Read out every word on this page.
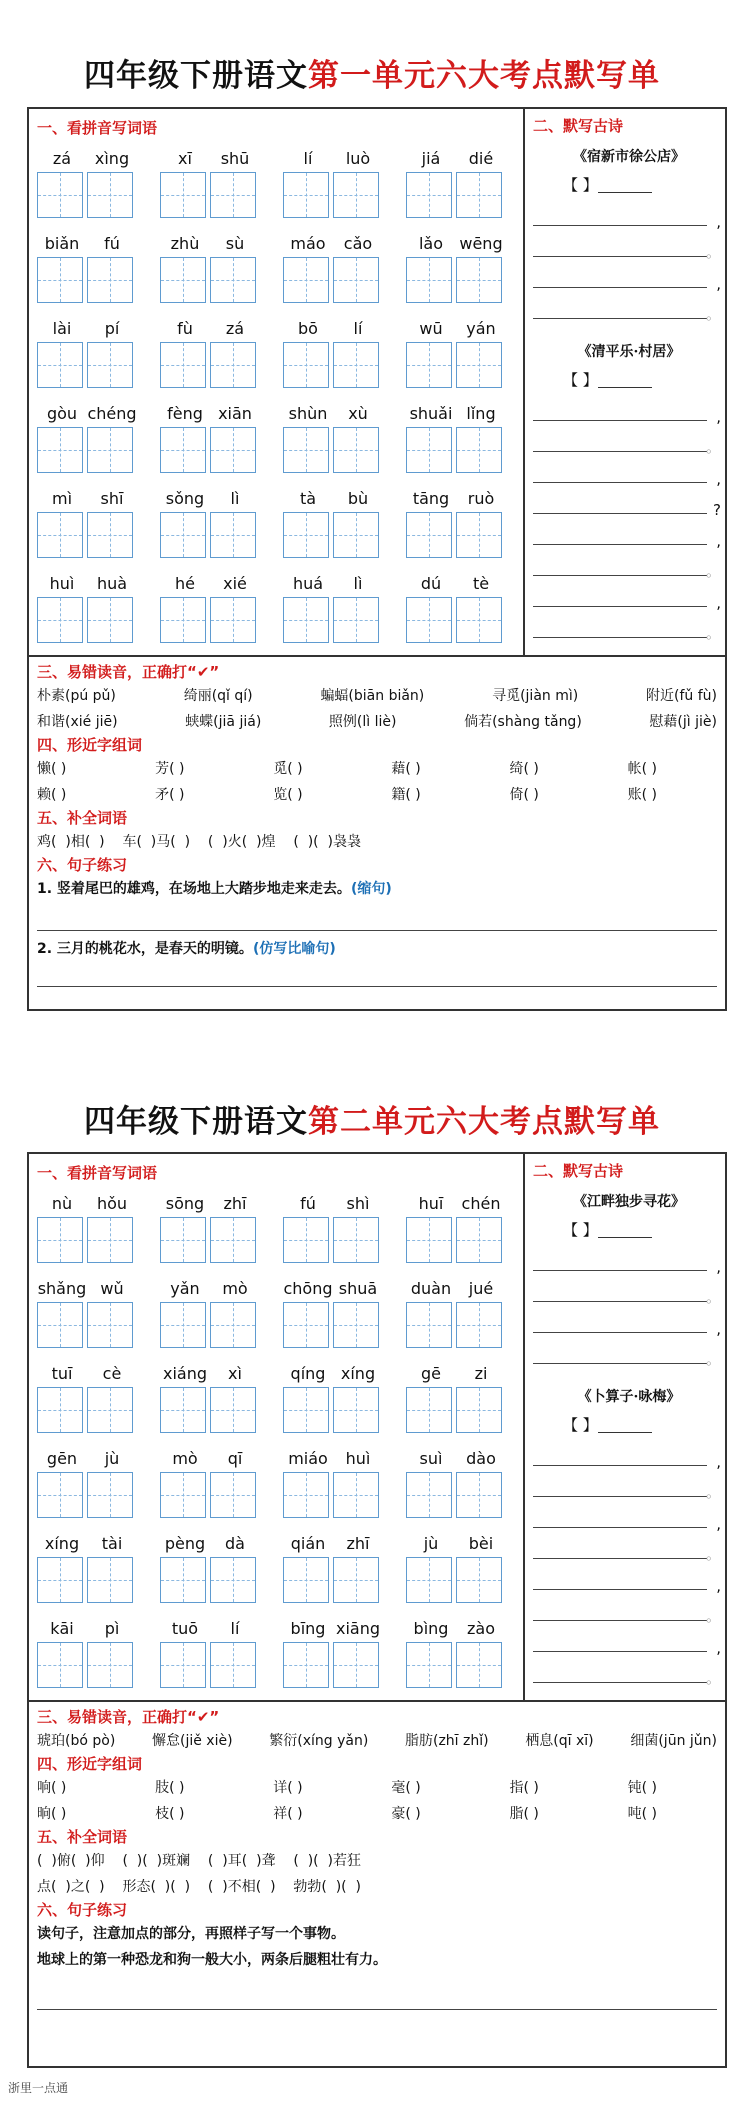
四年级下册语文第一单元六大考点默写单
一、看拼音写词语
zá	xìng	xī	shū	lí	luò	jiá	dié
biǎn	fú	zhù	sù	máo	cǎo	lǎo	wēng
lài	pí	fù	zá	bō	lí	wū	yán
gòu chéng	fèng xiān	shùn	xù	shuǎi lǐng
mì	shī	sǒng	lì	tà	bù	tāng	ruò
huì	huà	hé	xié	huá	lì	dú	tè
二、默写古诗
《宿新市徐公店》
【 】
,
。
,
。
《清平乐·村居》
【 】
,
。
,
?
,
。
,
。
三、易错读音，正确打“✔”
朴素(pú pǔ)	绮丽(qǐ qí)	蝙蝠(biān biǎn)	寻觅(jiàn mì)	附近(fǔ fù)
和谐(xié jiē)	蛱蝶(jiā jiá)	照例(lì liè)	倘若(shàng tǎng)	慰藉(jì jiè)
四、形近字组词
懒( )	芳( )	觅( )	藉( )	绮( )	帐( )
赖( )	矛( )	览( )	籍( )	倚( )	账( )
五、补全词语
鸡(  )相(  )    车(  )马(  )    (  )火(  )煌    (  )(  )袅袅
六、句子练习
1. 竖着尾巴的雄鸡，在场地上大踏步地走来走去。 (缩句)
2. 三月的桃花水，是春天的明镜。 (仿写比喻句)
四年级下册语文第二单元六大考点默写单
一、看拼音写词语
nù	hǒu	sōng	zhī	fú	shì	huī	chén
shǎng wǔ	yǎn	mò	chōng shuā	duàn	jué
tuī	cè	xiáng	xì	qíng xíng	gē	zi
gēn	jù	mò	qī	miáo	huì	suì	dào
xíng	tài	pèng	dà	qián	zhī	jù	bèi
kāi	pì	tuō	lí	bīng xiāng	bìng	zào
二、默写古诗
《江畔独步寻花》
【 】
,
。
,
。
《卜算子·咏梅》
【 】
,
。
,
。
,
。
,
。
三、易错读音，正确打“✔”
琥珀(bó pò)	懈怠(jiě xiè)	繁衍(xíng yǎn)	脂肪(zhī zhǐ)	栖息(qī xī)	细菌(jūn jǔn)
四、形近字组词
响( )	肢( )	详( )	毫( )	指( )	钝( )
晌( )	枝( )	祥( )	豪( )	脂( )	吨( )
五、补全词语
(  )俯(  )仰    (  )(  )斑斓    (  )耳(  )聋    (  )(  )若狂
点(  )之(  )    形态(  )(  )    (  )不相(  )    勃勃(  )(  )
六、句子练习
读句子，注意加点的部分，再照样子写一个事物。
地球上的第一种恐龙和狗一般大小，两条后腿粗壮有力。
浙里一点通
